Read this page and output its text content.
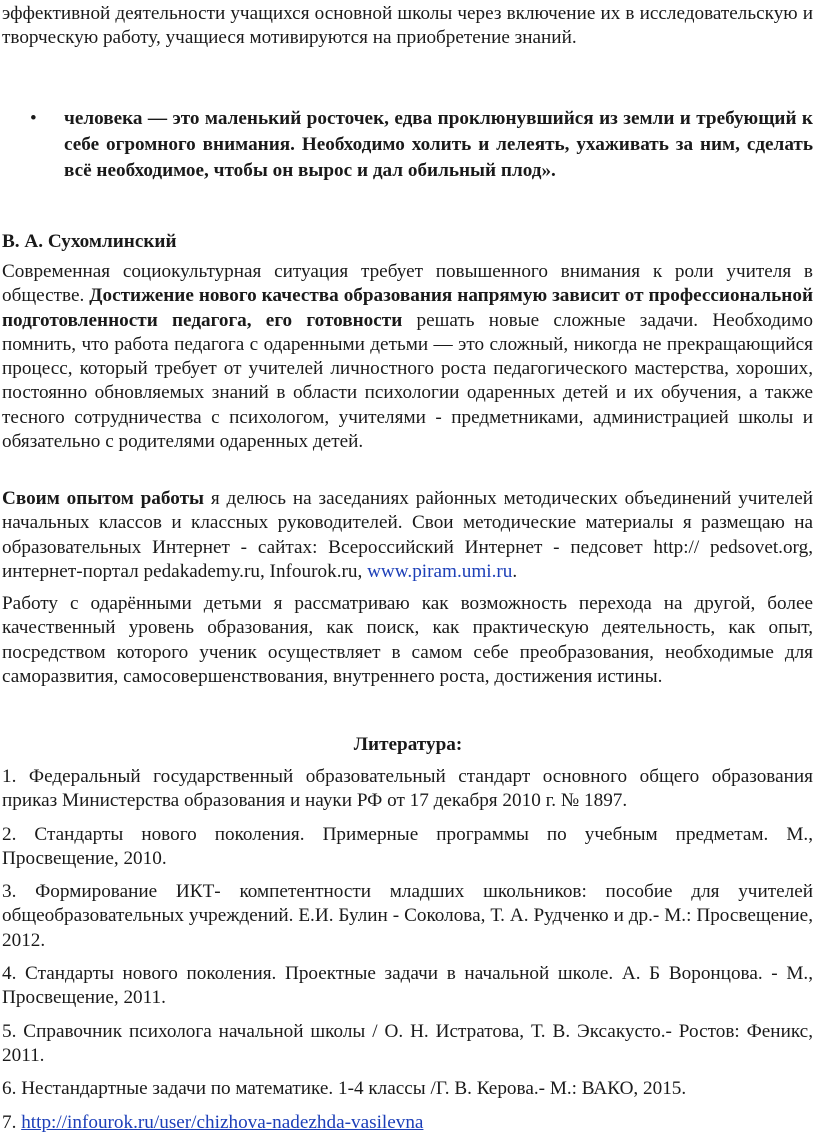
эффективной деятельности учащихся основной школы через включение их в исследовательскую и творческую работу, учащиеся мотивируются на приобретение знаний.

• человека — это маленький росточек, едва проклюнувшийся из земли и требующий к себе огромного внимания. Необходимо холить и лелеять, ухаживать за ним, сделать всё необходимое, чтобы он вырос и дал обильный плод».
В. А. Сухомлинский

Современная социокультурная ситуация требует повышенного внимания к роли учителя в обществе. Достижение нового качества образования напрямую зависит от профессиональной подготовленности педагога, его готовности решать новые сложные задачи. Необходимо помнить, что работа педагога с одаренными детьми — это сложный, никогда не прекращающийся процесс, который требует от учителей личностного роста педагогического мастерства, хороших, постоянно обновляемых знаний в области психологии одаренных детей и их обучения, а также тесного сотрудничества с психологом, учителями - предметниками, администрацией школы и обязательно с родителями одаренных детей.

Своим опытом работы я делюсь на заседаниях районных методических объединений учителей начальных классов и классных руководителей. Свои методические материалы я размещаю на образовательных Интернет - сайтах: Всероссийский Интернет - педсовет http:// pedsovet.org, интернет-портал pedakademy.ru, Infourok.ru, www.piram.umi.ru.

Работу с одарёнными детьми я рассматриваю как возможность перехода на другой, более качественный уровень образования, как поиск, как практическую деятельность, как опыт, посредством которого ученик осуществляет в самом себе преобразования, необходимые для саморазвития, самосовершенствования, внутреннего роста, достижения истины.

Литература:

1. Федеральный государственный образовательный стандарт основного общего образования приказ Министерства образования и науки РФ от 17 декабря 2010 г. № 1897.

2. Стандарты нового поколения. Примерные программы по учебным предметам. М., Просвещение, 2010.

3. Формирование ИКТ- компетентности младших школьников: пособие для учителей общеобразовательных учреждений. Е.И. Булин - Соколова, Т. А. Рудченко и др.- М.: Просвещение, 2012.

4. Стандарты нового поколения. Проектные задачи в начальной школе. А. Б Воронцова. - М., Просвещение, 2011.

5. Справочник психолога начальной школы / О. Н. Истратова, Т. В. Эксакусто.- Ростов: Феникс, 2011.

6. Нестандартные задачи по математике. 1-4 классы /Г. В. Керова.- М.: ВАКО, 2015.

7. http://infourok.ru/user/chizhova-nadezhda-vasilevna
